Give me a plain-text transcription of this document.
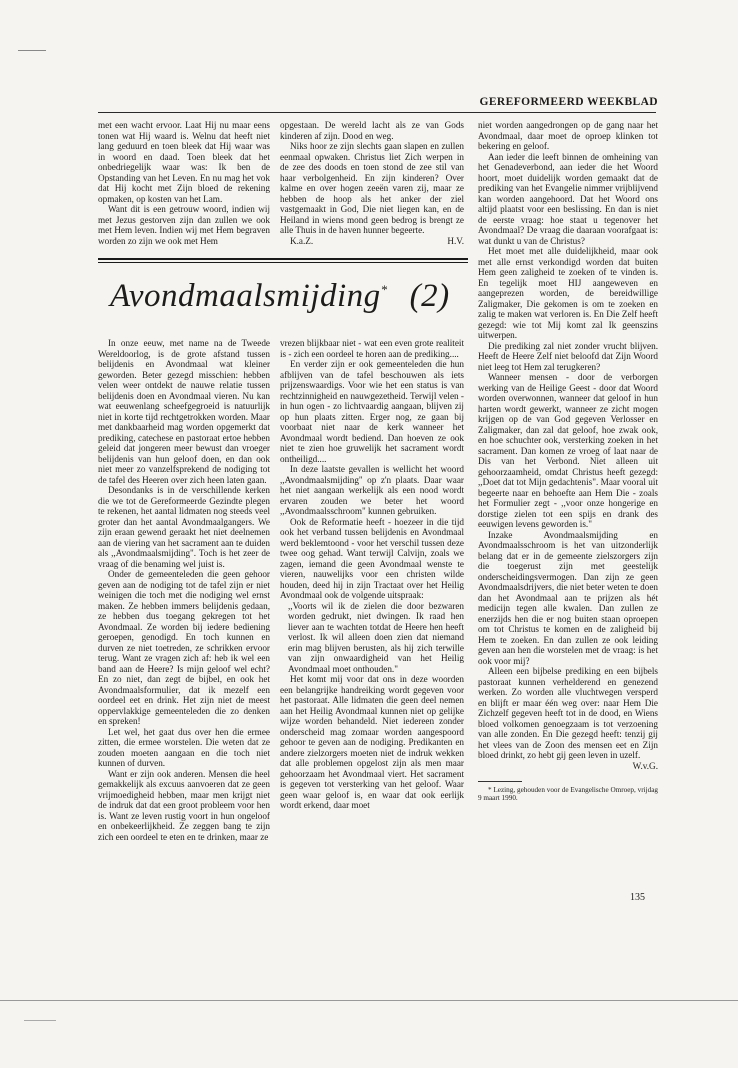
GEREFORMEERD WEEKBLAD

met een wacht ervoor. Laat Hij nu maar eens tonen wat Hij waard is. Welnu dat heeft niet lang geduurd en toen bleek dat Hij waar was in woord en daad. Toen bleek dat het onbedriegelijk waar was: Ik ben de Opstanding van het Leven. En nu mag het vok dat Hij kocht met Zijn bloed de rekening opmaken, op kosten van het Lam.

Want dit is een getrouw woord, indien wij met Jezus gestorven zijn dan zullen we ook met Hem leven. Indien wij met Hem begraven worden zo zijn we ook met Hem

opgestaan. De wereld lacht als ze van Gods kinderen af zijn. Dood en weg.

Niks hoor ze zijn slechts gaan slapen en zullen eenmaal opwaken. Christus liet Zich werpen in de zee des doods en toen stond de zee stil van haar verbolgenheid. En zijn kinderen? Over kalme en over hogen zeeën varen zij, maar ze hebben de hoop als het anker der ziel vastgemaakt in God, Die niet liegen kan, en de Heiland in wiens mond geen bedrog is brengt ze alle Thuis in de haven hunner begeerte.

K.a.Z.	H.V.

Avondmaalsmijding* (2)

In onze eeuw, met name na de Tweede Wereldoorlog, is de grote afstand tussen belijdenis en Avondmaal wat kleiner geworden. Beter gezegd misschien: hebben velen weer ontdekt de nauwe relatie tussen belijdenis doen en Avondmaal vieren. Nu kan wat eeuwenlang scheefgegroeid is natuurlijk niet in korte tijd rechtgetrokken worden. Maar met dankbaarheid mag worden opgemerkt dat prediking, catechese en pastoraat ertoe hebben geleid dat jongeren meer bewust dan vroeger belijdenis van hun geloof doen, en dan ook niet meer zo vanzelfsprekend de nodiging tot de tafel des Heeren over zich heen laten gaan.

Desondanks is in de verschillende kerken die we tot de Gereformeerde Gezindte plegen te rekenen, het aantal lidmaten nog steeds veel groter dan het aantal Avondmaalgangers. We zijn eraan gewend geraakt het niet deelnemen aan de viering van het sacrament aan te duiden als ,,Avondmaalsmijding". Toch is het zeer de vraag of die benaming wel juist is.

Onder de gemeenteleden die geen gehoor geven aan de nodiging tot de tafel zijn er niet weinigen die toch met die nodiging wel ernst maken. Ze hebben immers belijdenis gedaan, ze hebben dus toegang gekregen tot het Avondmaal. Ze worden bij iedere bediening geroepen, genodigd. En toch kunnen en durven ze niet toetreden, ze schrikken ervoor terug. Want ze vragen zich af: heb ik wel een band aan de Heere? Is mijn geloof wel echt? En zo niet, dan zegt de bijbel, en ook het Avondmaalsformulier, dat ik mezelf een oordeel eet en drink. Het zijn niet de meest oppervlakkige gemeenteleden die zo denken en spreken!

Let wel, het gaat dus over hen die ermee zitten, die ermee worstelen. Die weten dat ze zouden moeten aangaan en die toch niet kunnen of durven.

Want er zijn ook anderen. Mensen die heel gemakkelijk als excuus aanvoeren dat ze geen vrijmoedigheid hebben, maar men krijgt niet de indruk dat dat een groot probleem voor hen is. Want ze leven rustig voort in hun ongeloof en onbekeerlijkheid. Ze zeggen bang te zijn zich een oordeel te eten en te drinken, maar ze

vrezen blijkbaar niet - wat een even grote realiteit is - zich een oordeel te horen aan de prediking....

En verder zijn er ook gemeenteleden die hun afblijven van de tafel beschouwen als iets prijzenswaardigs. Voor wie het een status is van rechtzinnigheid en nauwgezetheid. Terwijl velen - in hun ogen - zo lichtvaardig aangaan, blijven zij op hun plaats zitten. Erger nog, ze gaan bij voorbaat niet naar de kerk wanneer het Avondmaal wordt bediend. Dan hoeven ze ook niet te zien hoe gruwelijk het sacrament wordt ontheiligd....

In deze laatste gevallen is wellicht het woord ,,Avondmaalsmijding" op z'n plaats. Daar waar het niet aangaan werkelijk als een nood wordt ervaren zouden we beter het woord ,,Avondmaalsschroom" kunnen gebruiken.

Ook de Reformatie heeft - hoezeer in die tijd ook het verband tussen belijdenis en Avondmaal werd beklemtoond - voor het verschil tussen deze twee oog gehad. Want terwijl Calvijn, zoals we zagen, iemand die geen Avondmaal wenste te vieren, nauwelijks voor een christen wilde houden, deed hij in zijn Tractaat over het Heilig Avondmaal ook de volgende uitspraak:

,,Voorts wil ik de zielen die door bezwaren worden gedrukt, niet dwingen. Ik raad hen liever aan te wachten totdat de Heere hen heeft verlost. Ik wil alleen doen zien dat niemand erin mag blijven berusten, als hij zich terwille van zijn onwaardigheid van het Heilig Avondmaal moet onthouden."

Het komt mij voor dat ons in deze woorden een belangrijke handreiking wordt gegeven voor het pastoraat. Alle lidmaten die geen deel nemen aan het Heilig Avondmaal kunnen niet op gelijke wijze worden behandeld. Niet iedereen zonder onderscheid mag zomaar worden aangespoord gehoor te geven aan de nodiging. Predikanten en andere zielzorgers moeten niet de indruk wekken dat alle problemen opgelost zijn als men maar gehoorzaam het Avondmaal viert. Het sacrament is gegeven tot versterking van het geloof. Waar geen waar geloof is, en waar dat ook eerlijk wordt erkend, daar moet

niet worden aangedrongen op de gang naar het Avondmaal, daar moet de oproep klinken tot bekering en geloof.

Aan ieder die leeft binnen de omheining van het Genadeverbond, aan ieder die het Woord hoort, moet duidelijk worden gemaakt dat de prediking van het Evangelie nimmer vrijblijvend kan worden aangehoord. Dat het Woord ons altijd plaatst voor een beslissing. En dan is niet de eerste vraag: hoe staat u tegenover het Avondmaal? De vraag die daaraan voorafgaat is: wat dunkt u van de Christus?

Het moet met alle duidelijkheid, maar ook met alle ernst verkondigd worden dat buiten Hem geen zaligheid te zoeken of te vinden is. En tegelijk moet HIJ aangeweven en aangeprezen worden, de bereidwillige Zaligmaker, Die gekomen is om te zoeken en zalig te maken wat verloren is. En Die Zelf heeft gezegd: wie tot Mij komt zal Ik geenszins uitwerpen.

Die prediking zal niet zonder vrucht blijven. Heeft de Heere Zelf niet beloofd dat Zijn Woord niet leeg tot Hem zal terugkeren?

Wanneer mensen - door de verborgen werking van de Heilige Geest - door dat Woord worden overwonnen, wanneer dat geloof in hun harten wordt gewerkt, wanneer ze zicht mogen krijgen op de van God gegeven Verlosser en Zaligmaker, dan zal dat geloof, hoe zwak ook, en hoe schuchter ook, versterking zoeken in het sacrament. Dan komen ze vroeg of laat naar de Dis van het Verbond. Niet alleen uit gehoorzaamheid, omdat Christus heeft gezegd: ,,Doet dat tot Mijn gedachtenis". Maar vooral uit begeerte naar en behoefte aan Hem Die - zoals het Formulier zegt - ,,voor onze hongerige en dorstige zielen tot een spijs en drank des eeuwigen levens geworden is."

Inzake Avondmaalsmijding en Avondmaalsschroom is het van uitzonderlijk belang dat er in de gemeente zielszorgers zijn die toegerust zijn met geestelijk onderscheidingsvermogen. Dan zijn ze geen Avondmaalsdrijvers, die niet beter weten te doen dan het Avondmaal aan te prijzen als hét medicijn tegen alle kwalen. Dan zullen ze enerzijds hen die er nog buiten staan oproepen om tot Christus te komen en de zaligheid bij Hem te zoeken. En dan zullen ze ook leiding geven aan hen die worstelen met de vraag: is het ook voor mij?

Alleen een bijbelse prediking en een bijbels pastoraat kunnen verhelderend en genezend werken. Zo worden alle vluchtwegen versperd en blijft er maar één weg over: naar Hem Die Zichzelf gegeven heeft tot in de dood, en Wiens bloed volkomen genoegzaam is tot verzoening van alle zonden. En Die gezegd heeft: tenzij gij het vlees van de Zoon des mensen eet en Zijn bloed drinkt, zo hebt gij geen leven in uzelf.

W.v.G.

* Lezing, gehouden voor de Evangelische Omroep, vrijdag 9 maart 1990.

135
